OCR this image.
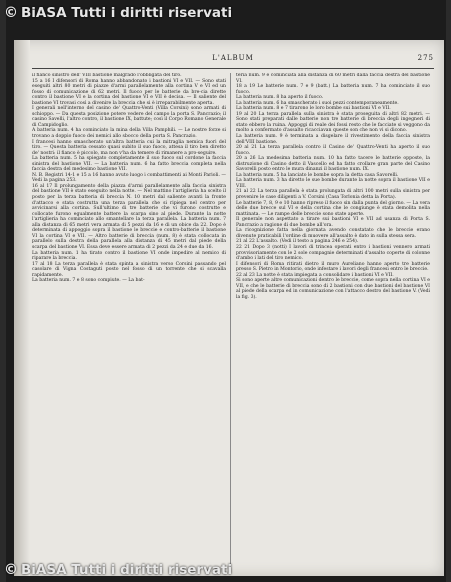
© BiASA Tutti i diritti riservati
L'ALBUM	275

il fianco sinistro dell' VIII bastione malgrado l'obbligata del tiro.

15 a 16 I difensori di Roma hanno abbandonato i bastioni VI e VII. — Sono stati eseguiti altri 80 metri di piazze d'armi parallelamente alla cortina V e VI ed un fosso di comunicazione di 62 metri. Il fuoco per le batterie da bre-cia dirette contro il bastione VI e la cortina del bastione VI e VII è decisa. — Il saliente del bastione VI trovasi così a divenire la breccia che si è irreparabilmente aperta.

I generali nell'interno del casino de' Quattro-Venti (Villa Corsini) sono armati di schioppo. — Da questa posizione potere vedere del campo la porta S. Pancrazio; il casino Savelli, l'altro contro, il bastione IX, battute; così il Corpo Romano Generale di Campidoglio.

A batteria num. 4 ha cominciato la mina della Villa Pamphili. — Le nostre forze si trovano a doppio fuoco dei nemici allo sbocco della porta S. Pancrazio.

I francesi hanno smascherato un'altra batteria cui la mitraglia nemica fuori del tiro. — Questa batteria cessato quasi subito il suo fuoco, attesa il tiro ben diretto de' nostri: il fianco è piccolo, ma non v'ha da temere di rimanere a pro-seguire.

La batteria num. 5 ha spiegato completamente il suo fuoco sul cordone la faccia sinistra del bastione VII. — La batteria num. 6 ha fatto breccia completa nella faccia destra del medesimo bastione VII.

N. B. Registri 14-1 e 15 a 16 hanno avuto luogo i combattimenti ai Monti Parioli. — Vedi la pagina 253.

16 al 17 Il prolungamento della piazza d'armi parallelamente alla faccia sinistra del bastione VII è stato eseguito nella notte. — Nel mattino l'artiglieria ha scelto il posto per la terza batteria di breccia N. 10 metri dal saliente avanti la fronte d'attacco e stata costrutta una terza parallela che si ripiega nel centro per avvicinarsi alla cortina. Sull'ultimo di tre batterie che vi furono costrutte e collocate furono egualmente battere la scarpa sino al piede. Durante la notte l'artiglieria ha cominciato allo smantellare la terza parallela. La batteria num. 7 alla distanza di 65 metri vera armata di 5 pezzi da 16 e di un obice da 22. Dopo è determinata di appoggio sopra il bastione le breccie e contro-batterie il bastione VI la cortina VI e VII. — Altro batterie di breccia (num. 8) è stata collocata in parallelo sulla destra della parallela alla distanza di 45 metri dal piede della scarpa del bastione VI. Essa deve essere armata di 2 pezzi da 24 e due da 16.

La batteria num. 1 ha tirato contro il bastione VI onde impedire al nemico di riparare la breccia.

17 al 18 La terza parallela è stata spinta a sinistra verso Corsini passando pel casolare di Vigna Costaguti posto nel fosso di un torrente che si scavalla rapidamente.

La batteria num. 7 e 8 sono compiute. — La bat-

teria num. 9 è cominciata alla distanza di 60 metri dalla faccia destra del bastione VI.

18 a 19 Le batterie num. 7 e 9 (batt.) La batteria num. 7 ha cominciato il suo fuoco.

La batteria num. 8 ha aperto il fuoco.

La batteria num. 6 ha smascherato i suoi pezzi contemporaneamente.

La batteria num. 8 e 7 tirarono le loro bombe sui bastioni VI e VII.

19 al 20 La terza parallela sulla sinistra è stata proseguita di altri 82 metri. — Sono stati preparati dalle batterie non tre batterie di breccia degli ingegneri di stato ebbero la ruina. Appoggi di reale dei fossi resto che le facciate si veggono da molto a confermato d'assalto ricacciavan queste son che non vi si dicono.

La batteria num. 9 è terminata a disgelare il rivestimento della faccia sinistra dell'VIII bastione.

20 al 21 La terza parallela contro il Casino de' Quattro-Venti ha aperto il suo fuoco.

20 a 26 La medesima batteria num. 10 ha fatto tacere le batterie opposte, la distruzione di Casino detto il Vascello ed ha fatto crollare gran parte del Casino Savorelli posto entro le mura dinanzi il bastione num. IX.

La batteria num. 5 ha lanciato le bombe sopra la detta casa Savorelli.

La batteria num. 3 ha diretto le sue bombe durante la notte sopra il bastione VII e VIII.

21 al 22 La terza parallela è stata prolungata di altri 100 metri sulla sinistra per prevenire le case diligenti a V. Corsini (Casa Torlonia detta la Porta).

Le batterie 7, 8, 9 e 10 hanno ripreso il fuoco sin dalla punta del giorno. — La vera delle due brecce sul VI e della cortina che le congiunge è stata demolita nella mattinata. — Le rampe delle breccie sono state aperte.

Il generale non aspettato a tirare sui bastioni VI e VII ad usanza di Porta S. Pancrazio a ragione di due bombe all'ora.

La ricognizione fatta nella giornata avendo constatato che le breccie erano divenute praticabili l'ordine di muovere all'assalto è dato in sulla stessa sera.

21 al 22 L'assalto. (Vedi il testo a pagina 246 e 254).

22 21 Dopo 3 (notti) I lavori di trincea operati entro i bastioni vennero armati provvisoriamente con le 2 sole compagnie determinati d'assalto coperte di colonne d'ambo i lati del tiro nemico.

I difensori di Roma ritirati dietro il muro Aureliano hanno aperto tre batterie presso S. Pietro in Montorio, onde infestare i lavori degli francesi entro le breccie.

22 al 23 La notte è stata impiegata a consolidare i bastioni VI e VII.

Si sono aperte altre comunicazioni dentro le breccie, come sopra nella cortina VI e VII, e che le batterie di breccia sono di 2 bastioni con due bastioni del bastione VI al piede della scarpa ed in comunicazione con l'attacco destro del bastione V. (Vedi la fig. 3).

© BiASA Tutti i diritti riservati
